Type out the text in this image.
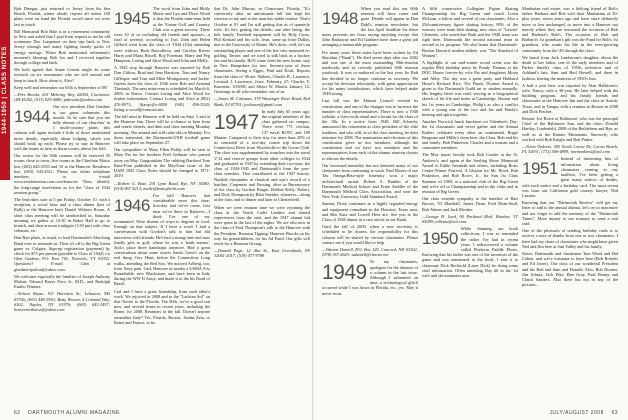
1944-1950 | CLASS NOTES

Bob Dinegar, just returned to Jersey from his Sea Beach, Florida, winter abode, reports all seems 100 plans were on hand the Florida crowd since we were last in touch.

Bill Hamstead Bob Hale is in a retirement community in New and asked that I post from request to me he old roommate Dex Longmore on their trip back to New Jersey through and many lighting family packs of energy savings. When Bob mentioned retirement's moment's blessing, Bob fox and I received together through college and back.

We both agreed that Annie Leavitt might do some research on six roommates who are still around and keep in touch. How about it, Alex?

Keep well and remember our 65th is September of 08!

—Pres Brooks, 601 Mehring Way, #2004, Cincinnati, OH 45202; (513) 929-4080; pnbrooks@yahoo.com

1944

Our vice president Don Gardner is our guest columnist this month. To be sure that you are fully abreast of our churches' in 1 multi-country plans, this column will again include a little of those mentioned more details, especially about lodging, which you should book up early. Please try to stay in Hanover with the teams as here as dorm rooms, above the fold.

Our rooms for the 65th reunion will be reserved 35 rooms close to town, five rooms at the Chieftain Motor Inn, (603) 643-2550 and 10 at the Hanover Residence Inn, (603) 643-4511. Please use either telephone numbers, or e-mail www.residenceinn.com.com/hanover. Then, identify the long-range reservation as for the "class of 1944 reunion group."

The festivities start at 5 pm Friday, October 10, with a reception, a social hour and a class dinner (last of Rally) at the Hanover Inn's Daniel Webster Room. A short class meeting will be sandwiched in. Saturday morning we gather at 10:30 in Baker Hall to go to brunch, and then at noon a tailgate (1:30 pm) with class columns, etc.

Dan Barr plans, as usual, to lead Dartmouth's Marching Band over to serenade us. Then it's off to the Big Green game vs. Colgate. Sign-up registration (payment) by check for $75 per person (payable to Class of 1944) c/o Glen Gardner, P.O. Box 701, Norwich, VT 05055. Questions? E-mail Glen at gfardner.epsilon@yahoo.com.

We welcome especially the families of Joseph Anthony Maloni, Edward Bayes Price Jr., M.D., and Rudolph Emilio Winiarz.

—Nelson Bryan, 911 Harrison St., Lebanon, NH 03766; (603) 448-3930; Betty Weaver, 4 Colonial Way, #302, Naples, NY 01970; (603) 643-3457; hvaverrerthorsn@yahoo.com

1945

The word from John and Molly Morse and Lyn and Dixie Wood is that the Florida mini-reun held at the Vienne Golf and Country Club was a great success. There were 10 of us including old friends and spouses—a total of seventy, according to Lyn. John and Helen Gifford went from the class of '1944 (10a) attending were widows Ruth Ruscallowy and Carolyn Rivers Hurry and Maria Bissell, Roy Foreman, Harry and Peg Hampton, Loring and Alice Wood and John and Molly.

A 1945 stop through Hanover was reported by Bob Dan Clifton, Brad and Jean Harrison, Tom and Nancy Gillespie, and Tom and Ellen Montgomery and Jackie. Guests from the class of 1946 were Bob and Armand Theriault. The next mini-reun is scheduled for March 6, 2009, in Venice. Contact Loring and Alice Wood for further information. Contact Loring and Alice at (802) 476-8973, lfjacqv@s-4050 (941) 496-5520; loring.w.wood@comcast.net.

The fall mini in Hanover will be held on Sept. 5 and at the Hanover Inn. There will be a chance to hear from and renew friends, and dine and class meeting Monday morning. The animal and will raise-old on Monday. For those interested, the Dartmouth-UNH football game will take place on September 27.

Our sympathies to Mary Ellen Feddy will be sent to Mary Pat for her brothers Fred Gellman who passed away on May. Gongratulate The rubbing Dartford Tom Ruse-Finn published in the May/June issue of the DAM 1945 Class Notes should be changed to 1971-2019.

—Robert G. Bate, 291 Lynn Road, Rye, NY 10580; (914) 967-5213; maile@bonnyberth.com

1946

I've told Hanover had considerable news this time: first-day and we've come, first time we've there in Hanover—I think. I've one of my roommates! Were dozens of ways to degrees in food. Enough on that subject. If I have a word: I had a conversation with Gordon's talk to him but did interviews with friends. He's had a strong time and now finally gets to golf, where he was a 'tenth teamer'. Jack's place three handicaps anymore. Had a great conversation about some stories Sarah. Gene's on the real thing. Gov Hunt, before the Connecticut Long walks, attending the Red Sox. We noticed Arlberg, too, from Navy pent. Carl, Hanover in nearby a USMA A-ts Roundtable, new Blackstone, and have been in Italy during the WW II Army, and made it to the his Road of Brazil.

Carl and I have a great friendship, from each other's work. We rejoiced in 2008 and to the "Lachina Sol" on that Terrier to the Florida. The 90th, we've a good son now, and several times in recent years, including the Rome, for 2008. Reunions in the fall. Doesn't anyone remember Italy? Yes, Florida, Boston, Jordan Zeta, or Rome and France, to be.

that Dr. John Murray, in Clearwater, Florida, "It's conversely after an unfortunate fall has kept his exercise to me and to the man has stable routine. That's October at 91 and I'm still getting that as of quarterly wife. It's he's getting the details, one after being, the hob family. Football equipment will be Holy Cross. Phil Keistad and his wife, Jean, came up from Dallas, met at the University of Maine. He's drive, well, he's an outstanding player and one of the few who mastered re-golfing. Terrier, and we tried to talk back as a hockey fan and his family. He'll come from his new home, stay in New Hampshire for tree. Seventy-year of these classmates. Seeing a Egger, Paul and Kraft. Reports from the class of '46 are: Walters, Charles B., Laurence, Leonard J. Lawrence, Josie, February 27; Charles V. Kazerian, 10/6/08; and Albert W. Martin, January 12. Greetings to all who remember one of us.

—James M. Coleman, 378 Wassinger River Road, Red Bank, NJ 07701; jcoleman@gmail.com

1947 In early July 65 years ago, the original members of the class gathered on campus. There were 771 civilian, 137 naval ROTC and 189 Marine. Compared to their stay for more than 20% of us consisted of a two-day course trip down the Connecticut River from Woodsville to the Goose Club. The class was supplemented by transfers into the naval V-12 and reserve groups from other colleges in 1944 and graduated in 1947 by extending their two-year, the class of 1944-1945 and Dartmouth's from the year-class transfers. That contributed to the 1947 history. Notable classmates in classical and war's record of a hairline, Carpenter and Fussing, alive in Bureaucracy of the class by Gordon Burger. Robbie Kelly, Robert, and Dick Thompson by Blair Sneider, whatever—along at the class and to dinner and later at Chesterfield.

When we were reunion time we were rejoining the class at the North Cadet Leaders and shared experiences from the start, and the 1947 alumni bid were spent in the last of the nights. We are also now in the class of Fred Thompson's talk to the Hanover with the President. Reunion Tipping: Hanover Brooks on his way his grandchildren, for his Ad Fund. Our gifts will reach for a Reunion Giving.

—Donald Page, 12 Alta St., East Greenbush, NY 12061-2017; (518) 477-9788

62 DARTMOUTH ALUMNI MAGAZINE
1948

When you read this our 60th reunion will have come and gone. Details will appear in Dan Dahl's reunion newsletter, but the last April deadline for these notes prevents me from saying anything except that John Hathaway and Ed Gaithere have done a great job arranging a memorable program.

For many years these notes have been written by Ed Sheridan ("Bank"). He died seven days after our 2002 and was one of the most outstanding 50th-reunion notebooks and its recently published 60th reunion yearbook. It was co-authored in the last year. So Bob has decided to no longer continue as secretary. We accept his decision reluctantly, with great appreciation for his many contributions, which have helped make 1948 strong.

Last fall saw the Alumni Council revised its constitution, and one of the changes was to increase the number of class representatives. There is now a 1948 website, a class-wide email and a forum for the class of the '48s. In a notice from 1948, Bill Schaefer announced his retirement as class president of the elite tradition, and who will, as of the class meeting, be their nominee for 2008. The nomination and elections of this constitution gives us two members, although the constitution and we have two members and the representatives from each of the alumni reunion classes to discuss the details.

Our increased mentality has not deterred many of our classmates from continuing to work. Paul Moore of our Tau Omega/Beta-style fraternity won a major architectural award. Robert A. Rankin of the Dartmouth Medical School and Ernie Saddler of the Dartmouth Medical Class Association, and won the New York University Gold Standard Award.

Sammy Drury continues as a highly regarded energy and equipment consultant in the Houston, Texas area, and Ben Katz and Lowell Hess are. See you at the Class of 1948 dinner in a rare article in our Bank.

Until the fall of 2009, when a new secretary is scheduled to be chosen, the responsibility for this column will be shared by various classmates. Please contact me if you would like to help.

—Warren Daniell, P.O. Box 129, Concord, NH 03302; (978) 367-2643; wdaniell@charter.net

1949 To my classmates, apologies for the absence of a column in the last issue. Although I submitted on time, a technological glitch occurred while I was down in Florida, etc., etc. May it never recur.

A fifth consecutive Collegiate Figure Skating Championship for Big Green and coach Loren McLean, a fellow and several of our classmates. Also a 25th-anniversary figure skating history, 80% of the women, were team fifth skating, new class of "Lawsie' Clements, who noted that Ruth and the 1948 team was right here. Dartmouth the second national team in second to its program. We also honor that Dartmouth-Boston Harvard student athlete, was "The Stanford of Women".

A highlight of our mid-winter social scene was the regular 80th birthday party by Pundy Thomas at the DOC House forever-by wife Pat and daughters Moira and Abby. The day was a great party and Hubbard Howe's Richard Rice. The Pundy Thomas Award is given to the Dartmouth Guild art or student annually. His lengthy letter was read, serving as a biographical sketch of his life and times at Cambridge. Boston and his 1st years in Cambridge, Philip's as also a conflict with a young one of the two and his and Pundy's bearing and spirit together.

Another Norwich lunch luncheon on Valentine's Day: the 1st classmates and wives gather and the Annual Rafters celebrate every other on continental. Roger Bergman and Miller's from here, the Clara, Bob and his and family: Bob Pinkerton, Charles and a woman and a committee members.

The May music faculty took Bob Couder at the St. Andrew's, and again at the Sterling Shore Memorial Award to Eddie Jeremiah and others, including Brass Center-Winter Festival. A Glutton for Mt. Hood, Bob Pinkerton, and Bob Rowe, Jr., for Sun 1st Class Summer of 1969, at a national club of the Big Green and we're off to Championship and in the clubs and in reunion of Big Green.

Our class extends sympathy to the families of Bart Brown, '53 Marshall, James Dean, Fred Dean-Stull, Bob Ahmer and Jack Mosher.

—George H. Lord, 90 Portland Blvd, Windsor, VT 05089; tallenia@aol.com

1950

While thinning our book collections, I was so reminded the rather I've had in recent years. I rediscovered a volume called Platform Paddle Fleets. Knowing that his father was one of the inventors of the game and was mentioned in the book, I sent it to classmate Dick Bechtold (Laser Dick) be doing some vital information. Often attending Day #6 in the 1st with and ski-mountain area.

Manhattan real estate, was a lifelong friend of Bob's father. Barbara and Bob sold their Manhattan of 50-plus years, seven years ago and have since definitely more or less unchanged, to move into a Hanover not merely where they are reassured the occasion of Bob and Barbara's Bob's. The occasion of Bob and Barbara's 1st grandson's gift was the Fund for Bob's 1st grandson, who wants his life in the ever-growing community from the '49 through the class.

We heard from Jack Landstrom's daughter, about the death of her father, one of the early members and of Parker Smith's class of 1950s architects and of Ashland's late, Sam and Bud Howell, and there in fashion, leaving the mattress of 1950's lists.

A half a year later was reported by Alan Hallstrom's wife, Nancy, with a 30-year. He later helped with the building program, and his family friends and classmates at the Hanover Inn and the class in Austin, Texas, and in Tampa, with a reunion in Boston in 2008 and Dick Fincher.

Boston: Joe Rowe of Baltimore, who was the principal Chief of the Baltimore Sun, and the class: Donald Hartley, Lindenfeld, 2008 of the Bethlehem and Rye, as well as at the Rainier Mountains. Sincerely, who worked with Bob Knight and Bob Parker.

—Norm Onkrest, 385 North Cocoa Dr, Cocoa Beach, FL 32931; (772) 569-4899; normonkrest@aol.com

1951

Instead of interesting bits of information about living classmates coming to my mailbox, I've been getting a great many notices of deaths, with each notice and a birthday card. The most recent was from our California gold country lawyer, Ned Lassiter.

Knowing that our "Dartmouth Review" will get my letter to add to the annual alumni, let's try to maximize and not forget to add the memory of the "Dartmouth Times". More money to our treasury to send a real card.

One of the pleasures of sending birthday cards is to receive a note of thanks from one or two classmates. I have had my share of classmates who might have given Ned and Jim here at Sun Valley and his family.

Notes: Dartmouth and classmates Tom Wood and Hal Cohen, and we're fortunate to have here (Bob Roberts and Ed Jones). Our class of our wonderful President and his Bob and Sam and Donald. Also, Bob Donner, Jim Schutz, Jack Pike, Ben Gray, Paul Bonny and Chuck Sanders. Also there but not in any of the pictures...

JULY/AUGUST 2008 63
